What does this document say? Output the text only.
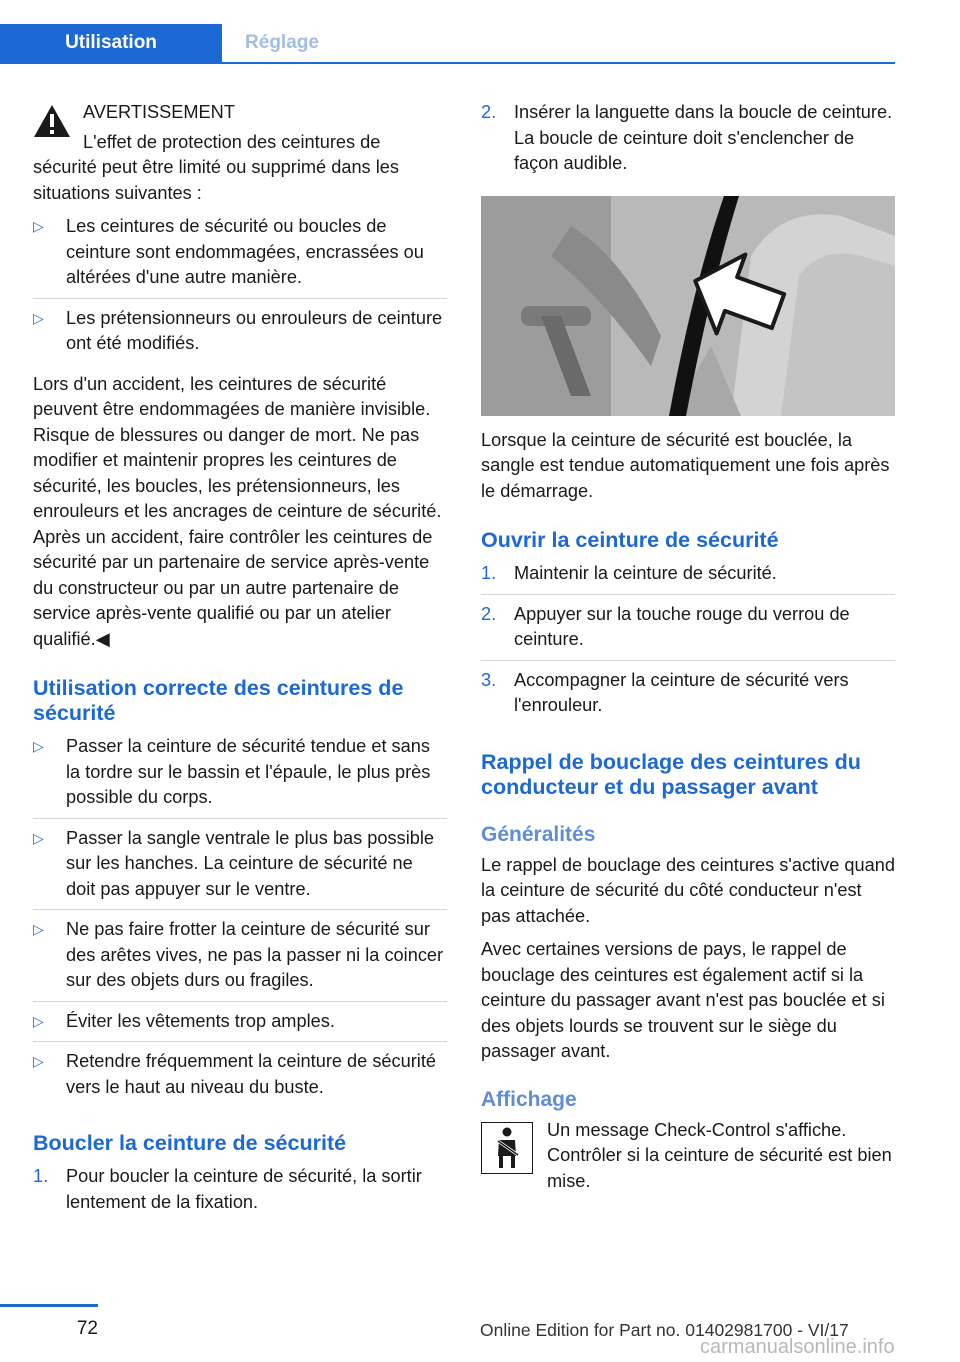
Utilisation	Réglage

AVERTISSEMENT

L'effet de protection des ceintures de sécurité peut être limité ou supprimé dans les situations suivantes :

▷ Les ceintures de sécurité ou boucles de ceinture sont endommagées, encrassées ou altérées d'une autre manière.
▷ Les prétensionneurs ou enrouleurs de ceinture ont été modifiés.

Lors d'un accident, les ceintures de sécurité peuvent être endommagées de manière invisible. Risque de blessures ou danger de mort. Ne pas modifier et maintenir propres les ceintures de sécurité, les boucles, les prétensionneurs, les enrouleurs et les ancrages de ceinture de sécurité. Après un accident, faire contrôler les ceintures de sécurité par un partenaire de service après-vente du constructeur ou par un autre partenaire de service après-vente qualifié ou par un atelier qualifié.◀

Utilisation correcte des ceintures de sécurité
▷ Passer la ceinture de sécurité tendue et sans la tordre sur le bassin et l'épaule, le plus près possible du corps.
▷ Passer la sangle ventrale le plus bas possible sur les hanches. La ceinture de sécurité ne doit pas appuyer sur le ventre.
▷ Ne pas faire frotter la ceinture de sécurité sur des arêtes vives, ne pas la passer ni la coincer sur des objets durs ou fragiles.
▷ Éviter les vêtements trop amples.
▷ Retendre fréquemment la ceinture de sécurité vers le haut au niveau du buste.
Boucler la ceinture de sécurité
1. Pour boucler la ceinture de sécurité, la sortir lentement de la fixation.
2. Insérer la languette dans la boucle de ceinture. La boucle de ceinture doit s'enclencher de façon audible.

Lorsque la ceinture de sécurité est bouclée, la sangle est tendue automatiquement une fois après le démarrage.

Ouvrir la ceinture de sécurité
1. Maintenir la ceinture de sécurité.
2. Appuyer sur la touche rouge du verrou de ceinture.
3. Accompagner la ceinture de sécurité vers l'enrouleur.
Rappel de bouclage des ceintures du conducteur et du passager avant
Généralités

Le rappel de bouclage des ceintures s'active quand la ceinture de sécurité du côté conducteur n'est pas attachée.

Avec certaines versions de pays, le rappel de bouclage des ceintures est également actif si la ceinture du passager avant n'est pas bouclée et si des objets lourds se trouvent sur le siège du passager avant.

Affichage

Un message Check-Control s'affiche. Contrôler si la ceinture de sécurité est bien mise.

72	Online Edition for Part no. 01402981700 - VI/17
carmanualsonline.info
